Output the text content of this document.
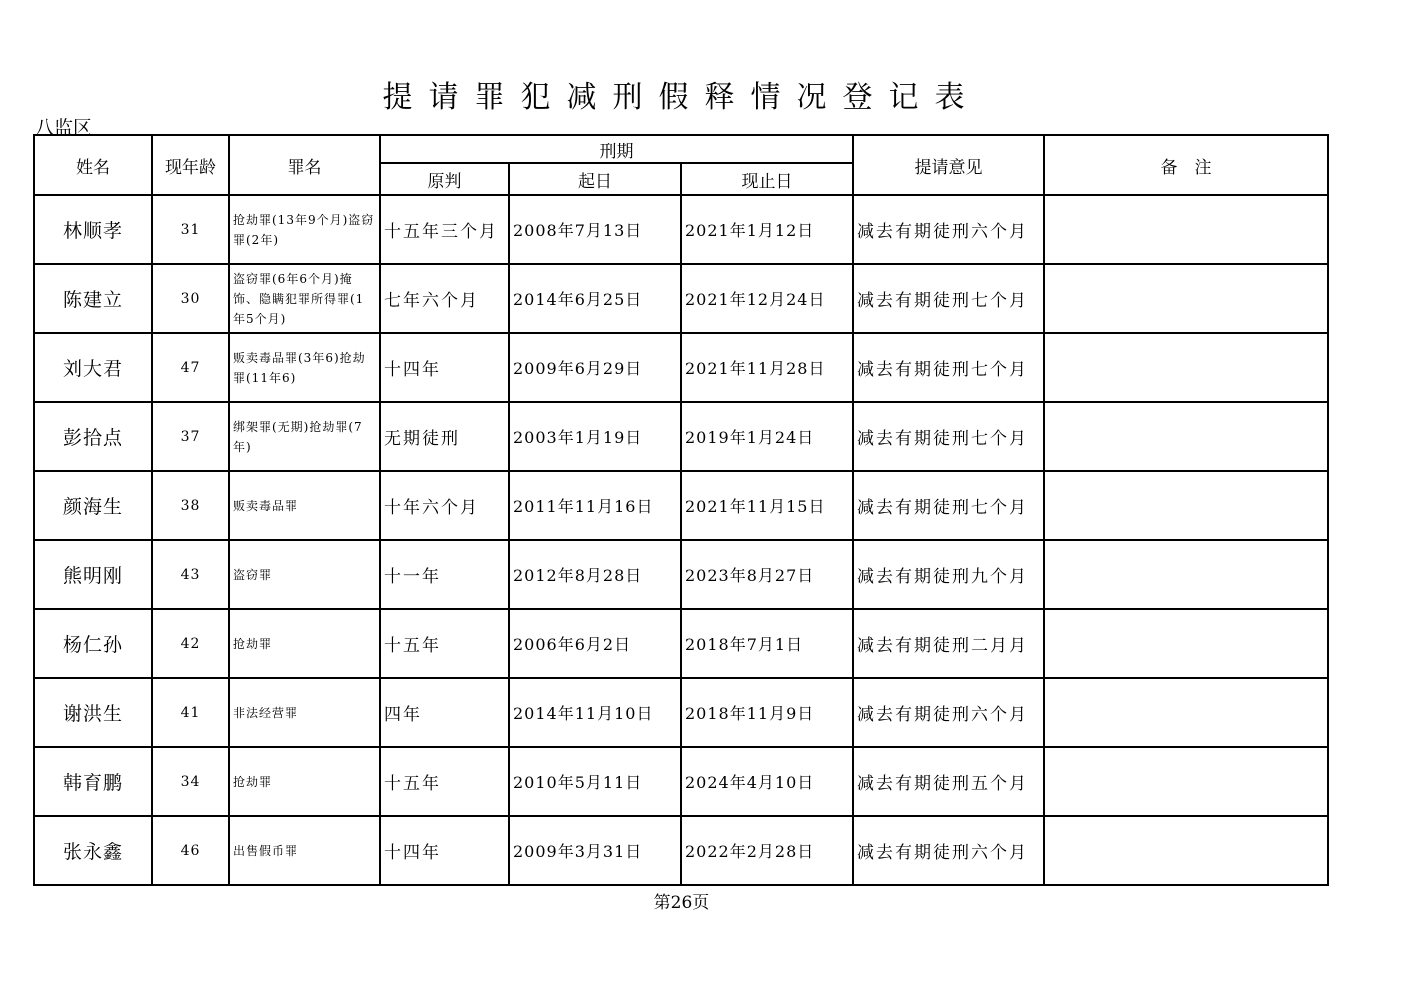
提请罪犯减刑假释情况登记表
八监区
姓名	现年龄	罪名	刑期			提请意见	备　注
			原判	起日	现止日		
林顺孝	31	抢劫罪(13年9个月)盗窃罪(2年)	十五年三个月	2008年7月13日	2021年1月12日	减去有期徒刑六个月	
陈建立	30	盗窃罪(6年6个月)掩饰、隐瞒犯罪所得罪(1年5个月)	七年六个月	2014年6月25日	2021年12月24日	减去有期徒刑七个月	
刘大君	47	贩卖毒品罪(3年6)抢劫罪(11年6)	十四年	2009年6月29日	2021年11月28日	减去有期徒刑七个月	
彭拾点	37	绑架罪(无期)抢劫罪(7年)	无期徒刑	2003年1月19日	2019年1月24日	减去有期徒刑七个月	
颜海生	38	贩卖毒品罪	十年六个月	2011年11月16日	2021年11月15日	减去有期徒刑七个月	
熊明刚	43	盗窃罪	十一年	2012年8月28日	2023年8月27日	减去有期徒刑九个月	
杨仁孙	42	抢劫罪	十五年	2006年6月2日	2018年7月1日	减去有期徒刑二月月	
谢洪生	41	非法经营罪	四年	2014年11月10日	2018年11月9日	减去有期徒刑六个月	
韩育鹏	34	抢劫罪	十五年	2010年5月11日	2024年4月10日	减去有期徒刑五个月	
张永鑫	46	出售假币罪	十四年	2009年3月31日	2022年2月28日	减去有期徒刑六个月	
第26页
